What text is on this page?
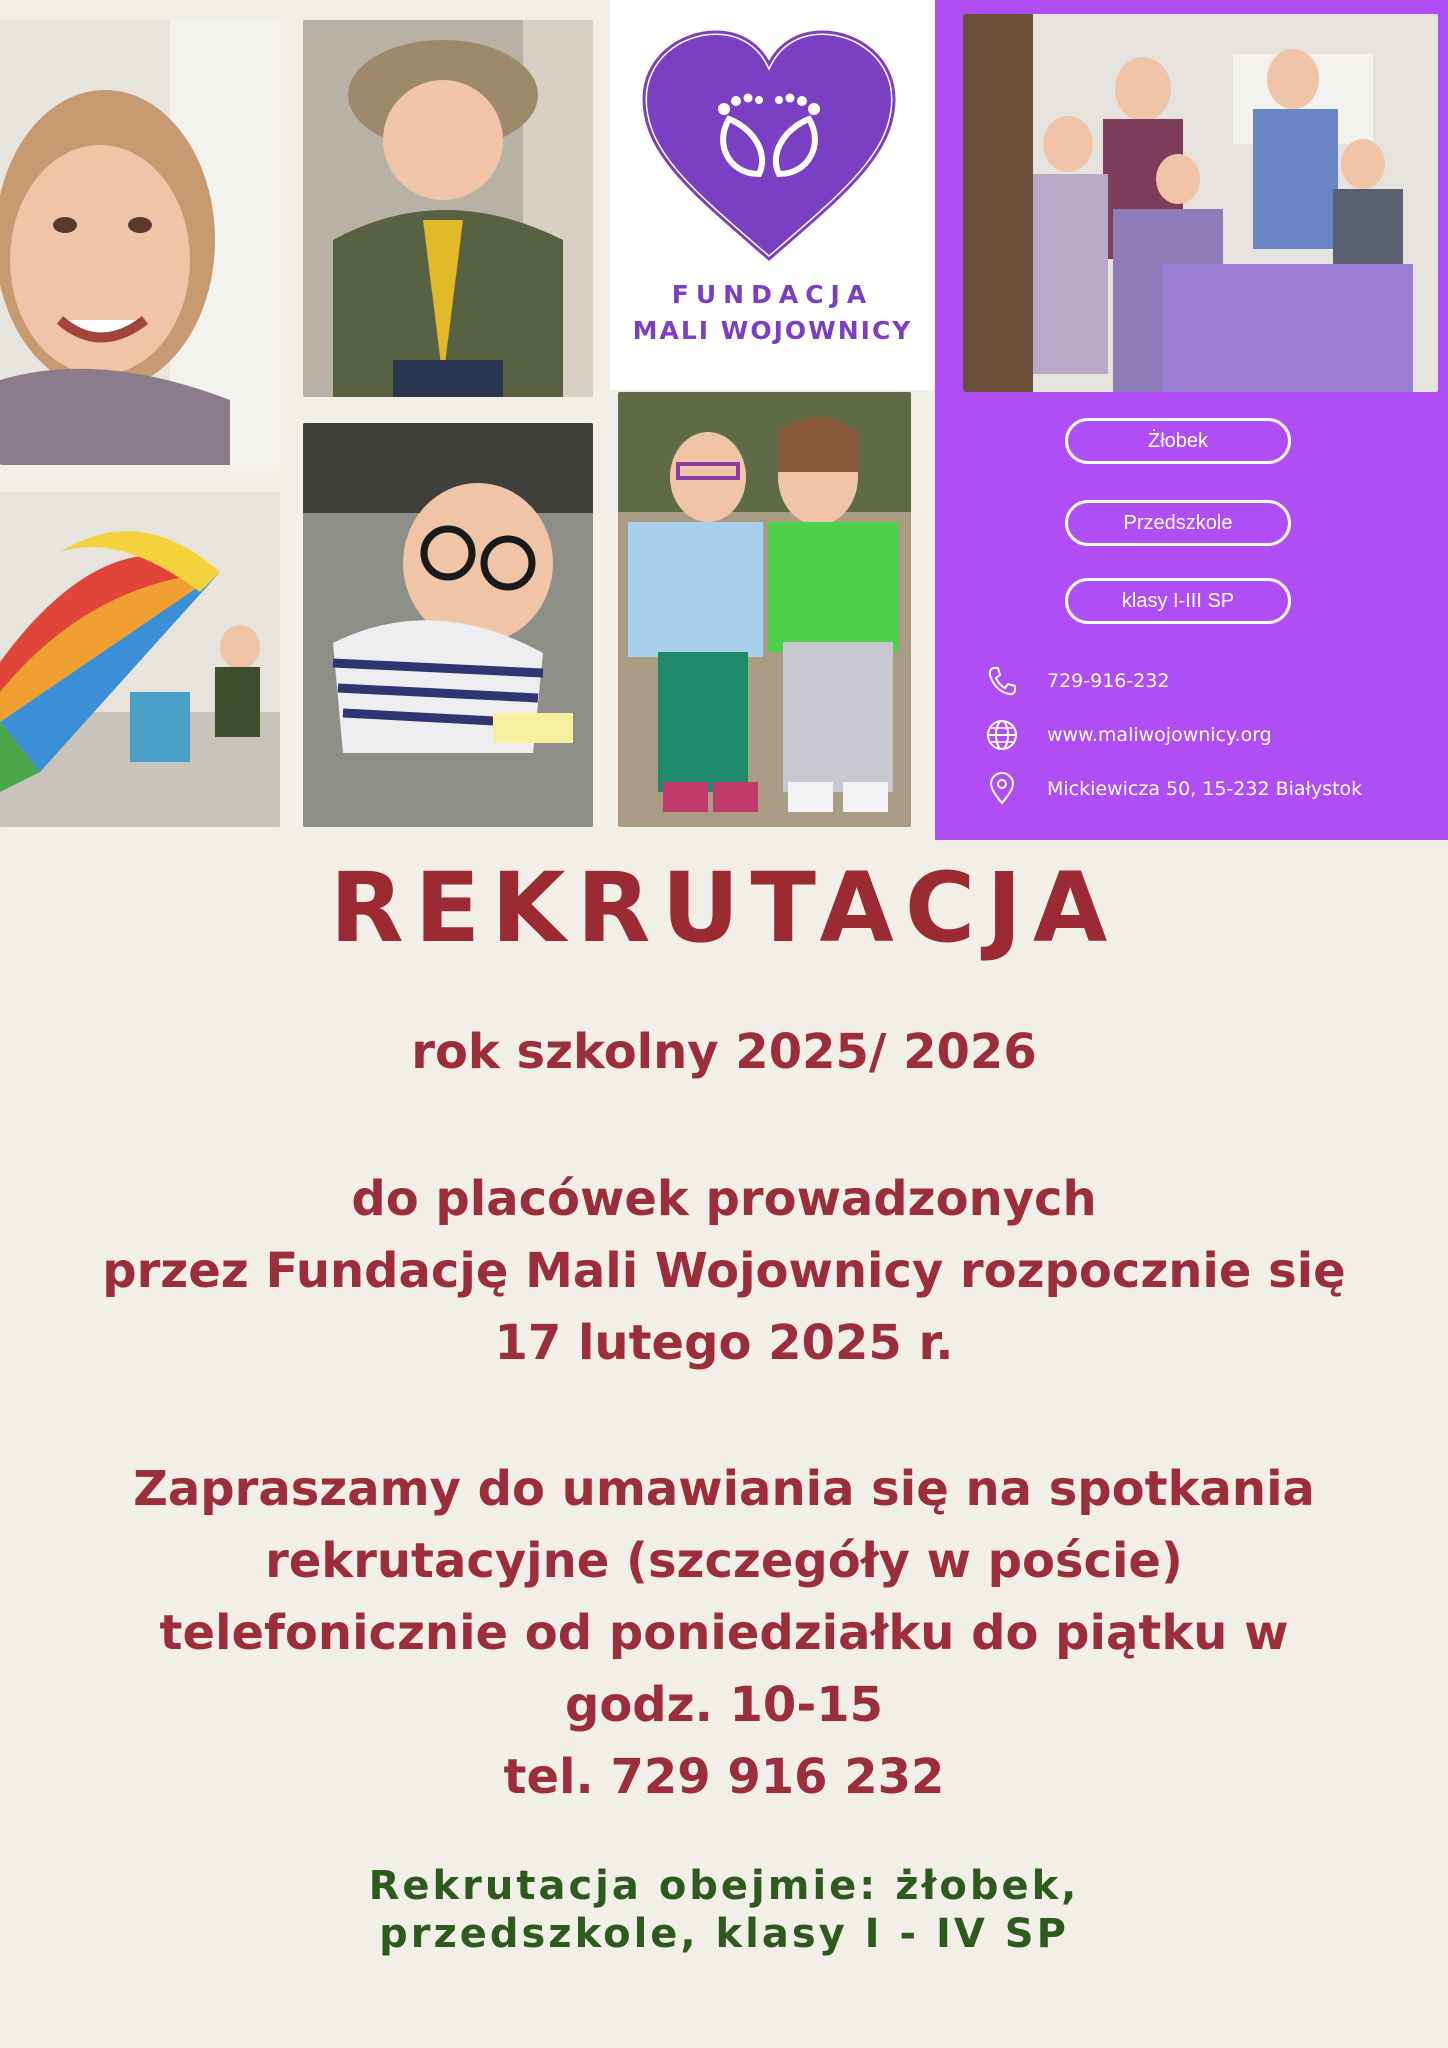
FUNDACJA
MALI WOJOWNICY
Żłobek
Przedszkole
klasy I-III SP
729-916-232
www.maliwojownicy.org
Mickiewicza 50, 15-232 Białystok
REKRUTACJA
rok szkolny 2025/ 2026
do placówek prowadzonych
przez Fundację Mali Wojownicy rozpocznie się
17 lutego 2025 r.
Zapraszamy do umawiania się na spotkania
rekrutacyjne (szczegóły w poście)
telefonicznie od poniedziałku do piątku w
godz. 10-15
tel. 729 916 232
Rekrutacja obejmie: żłobek,
przedszkole, klasy I - IV SP
